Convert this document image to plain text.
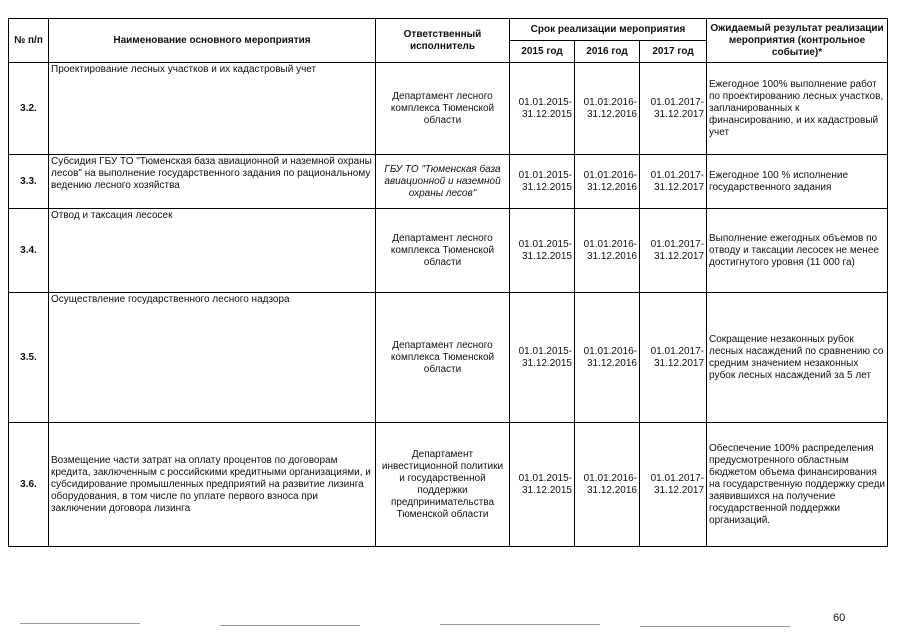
№ п/п	Наименование основного мероприятия	Ответственный исполнитель	Срок реализации мероприятия			Ожидаемый результат реализации мероприятия (контрольное событие)*
			2015 год	2016 год	2017 год	
3.2.	Проектирование лесных участков и их кадастровый учет	Департамент лесного комплекса Тюменской области	01.01.2015-31.12.2015	01.01.2016-31.12.2016	01.01.2017-31.12.2017	Ежегодное 100% выполнение работ по проектированию лесных участков, запланированных к финансированию, и их кадастровый учет
3.3.	Субсидия ГБУ ТО "Тюменская база авиационной и наземной охраны лесов" на выполнение государственного задания по рациональному ведению лесного хозяйства	ГБУ ТО "Тюменская база авиационной и наземной охраны лесов"	01.01.2015-31.12.2015	01.01.2016-31.12.2016	01.01.2017-31.12.2017	Ежегодное 100 % исполнение государственного задания
3.4.	Отвод и таксация лесосек	Департамент лесного комплекса Тюменской области	01.01.2015-31.12.2015	01.01.2016-31.12.2016	01.01.2017-31.12.2017	Выполнение ежегодных объемов по отводу и таксации лесосек не менее достигнутого уровня (11 000 га)
3.5.	Осуществление государственного лесного надзора	Департамент лесного комплекса Тюменской области	01.01.2015-31.12.2015	01.01.2016-31.12.2016	01.01.2017-31.12.2017	Сокращение незаконных рубок лесных насаждений по сравнению со средним значением незаконных рубок лесных насаждений за 5 лет
3.6.	Возмещение части затрат на оплату процентов по договорам кредита, заключенным с российскими кредитными организациями, и субсидирование промышленных предприятий на развитие лизинга оборудования, в том числе по уплате первого взноса при заключении договора лизинга	Департамент инвестиционной политики и государственной поддержки предпринимательства Тюменской области	01.01.2015-31.12.2015	01.01.2016-31.12.2016	01.01.2017-31.12.2017	Обеспечение 100% распределения предусмотренного областным бюджетом объема финансирования на государственную поддержку среди заявившихся на получение государственной поддержки организаций.
60
